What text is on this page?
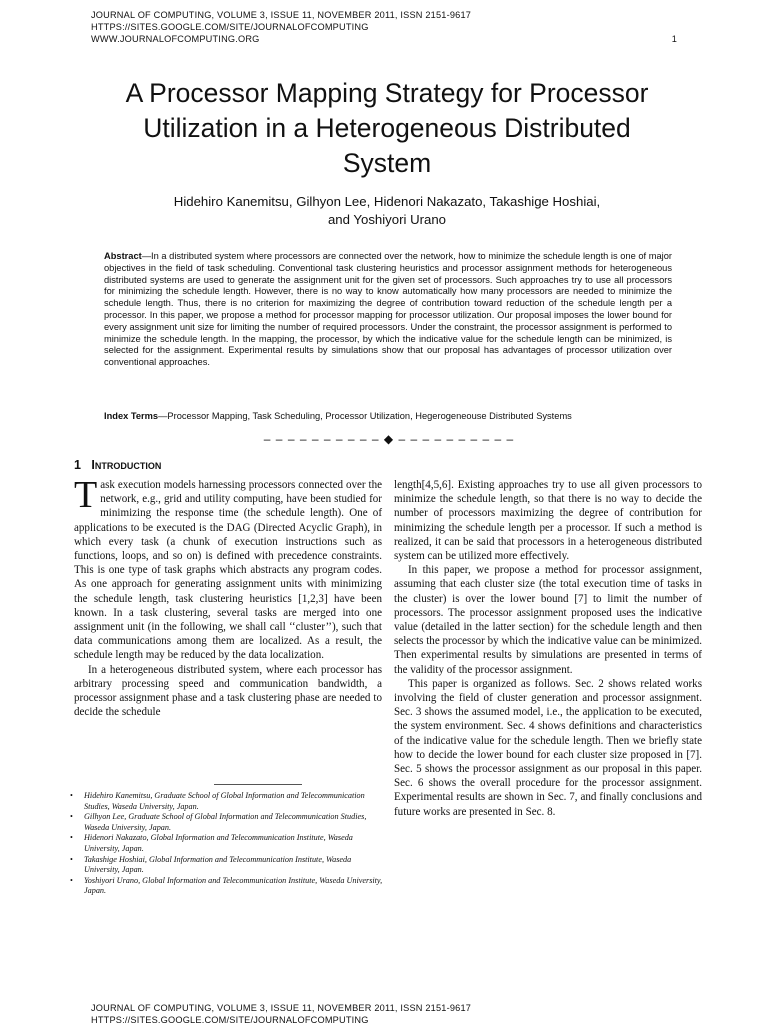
JOURNAL OF COMPUTING, VOLUME 3, ISSUE 11, NOVEMBER 2011, ISSN 2151-9617
HTTPS://SITES.GOOGLE.COM/SITE/JOURNALOFCOMPUTING
WWW.JOURNALOFCOMPUTING.ORG	1
A Processor Mapping Strategy for Processor
Utilization in a Heterogeneous Distributed
System
Hidehiro Kanemitsu, Gilhyon Lee, Hidenori Nakazato, Takashige Hoshiai,
and Yoshiyori Urano
Abstract—In a distributed system where processors are connected over the network, how to minimize the schedule length is one of major objectives in the field of task scheduling. Conventional task clustering heuristics and processor assignment methods for heterogeneous distributed systems are used to generate the assignment unit for the given set of processors. Such approaches try to use all processors for minimizing the schedule length. However, there is no way to know automatically how many processors are needed to minimize the schedule length. Thus, there is no criterion for maximizing the degree of contribution toward reduction of the schedule length per a processor. In this paper, we propose a method for processor mapping for processor utilization. Our proposal imposes the lower bound for every assignment unit size for limiting the number of required processors. Under the constraint, the processor assignment is performed to minimize the schedule length. In the mapping, the processor, by which the indicative value for the schedule length can be minimized, is selected for the assignment. Experimental results by simulations show that our proposal has advantages of processor utilization over conventional approaches.
Index Terms—Processor Mapping, Task Scheduling, Processor Utilization, Hegerogeneouse Distributed Systems
– – – – – – – – – – ◆ – – – – – – – – – –
1 Introduction

Task execution models harnessing processors connected over the network, e.g., grid and utility computing, have been studied for minimizing the response time (the schedule length). One of applications to be executed is the DAG (Directed Acyclic Graph), in which every task (a chunk of execution instructions such as functions, loops, and so on) is defined with precedence constraints. This is one type of task graphs which abstracts any program codes. As one approach for generating assignment units with minimizing the schedule length, task clustering heuristics [1,2,3] have been known. In a task clustering, several tasks are merged into one assignment unit (in the following, we shall call ‘‘cluster’’), such that data communications among them are localized. As a result, the schedule length may be reduced by the data localization.

In a heterogeneous distributed system, where each processor has arbitrary processing speed and communication bandwidth, a processor assignment phase and a task clustering phase are needed to decide the schedule

• Hidehiro Kanemitsu, Graduate School of Global Information and Telecommunication Studies, Waseda University, Japan.
• Gilhyon Lee, Graduate School of Global Information and Telecommunication Studies, Waseda University, Japan.
• Hidenori Nakazato, Global Information and Telecommunication Institute, Waseda University, Japan.
• Takashige Hoshiai, Global Information and Telecommunication Institute, Waseda University, Japan.
• Yoshiyori Urano, Global Information and Telecommunication Institute, Waseda University, Japan.

length[4,5,6]. Existing approaches try to use all given processors to minimize the schedule length, so that there is no way to decide the number of processors maximizing the degree of contribution for minimizing the schedule length per a processor. If such a method is realized, it can be said that processors in a heterogeneous distributed system can be utilized more effectively.

In this paper, we propose a method for processor assignment, assuming that each cluster size (the total execution time of tasks in the cluster) is over the lower bound [7] to limit the number of processors. The processor assignment proposed uses the indicative value (detailed in the latter section) for the schedule length and then selects the processor by which the indicative value can be minimized. Then experimental results by simulations are presented in terms of the validity of the processor assignment.

This paper is organized as follows. Sec. 2 shows related works involving the field of cluster generation and processor assignment. Sec. 3 shows the assumed model, i.e., the application to be executed, the system environment. Sec. 4 shows definitions and characteristics of the indicative value for the schedule length. Then we briefly state how to decide the lower bound for each cluster size proposed in [7]. Sec. 5 shows the processor assignment as our proposal in this paper. Sec. 6 shows the overall procedure for the processor assignment. Experimental results are shown in Sec. 7, and finally conclusions and future works are presented in Sec. 8.

JOURNAL OF COMPUTING, VOLUME 3, ISSUE 11, NOVEMBER 2011, ISSN 2151-9617
HTTPS://SITES.GOOGLE.COM/SITE/JOURNALOFCOMPUTING
